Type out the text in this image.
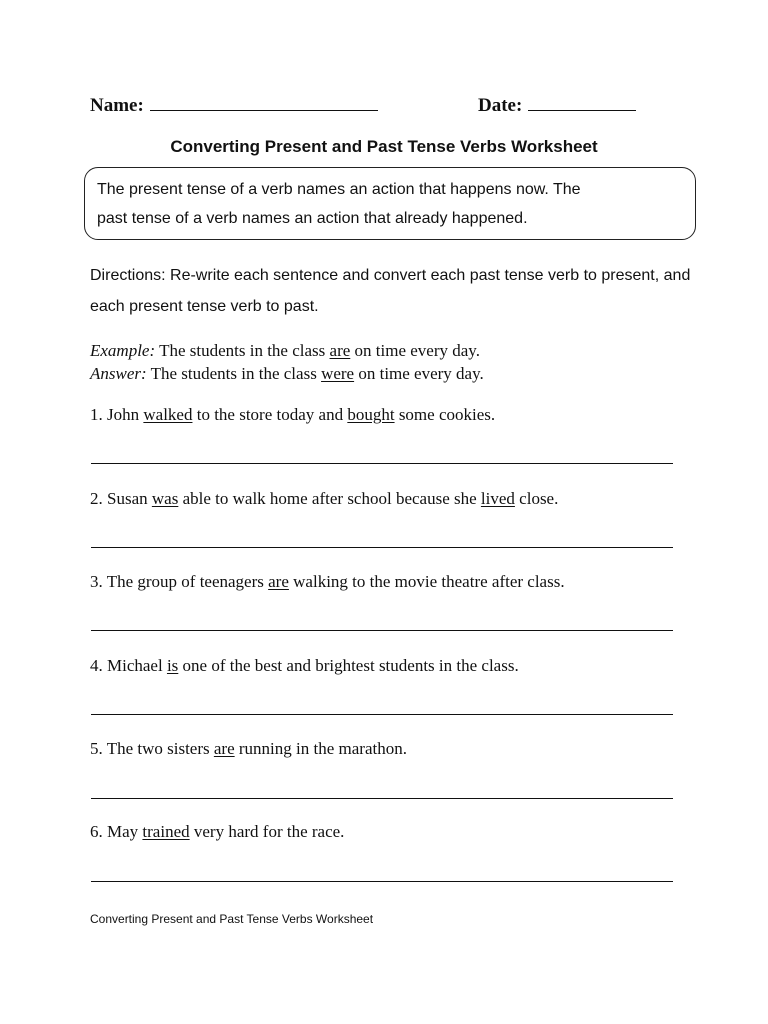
Name:	Date:
Converting Present and Past Tense Verbs Worksheet
The present tense of a verb names an action that happens now. The
past tense of a verb names an action that already happened.
Directions: Re-write each sentence and convert each past tense verb to present, and each present tense verb to past.
Example: The students in the class are on time every day.
Answer: The students in the class were on time every day.
1. John walked to the store today and bought some cookies.
2. Susan was able to walk home after school because she lived close.
3. The group of teenagers are walking to the movie theatre after class.
4. Michael is one of the best and brightest students in the class.
5. The two sisters are running in the marathon.
6. May trained very hard for the race.
Converting Present and Past Tense Verbs Worksheet
